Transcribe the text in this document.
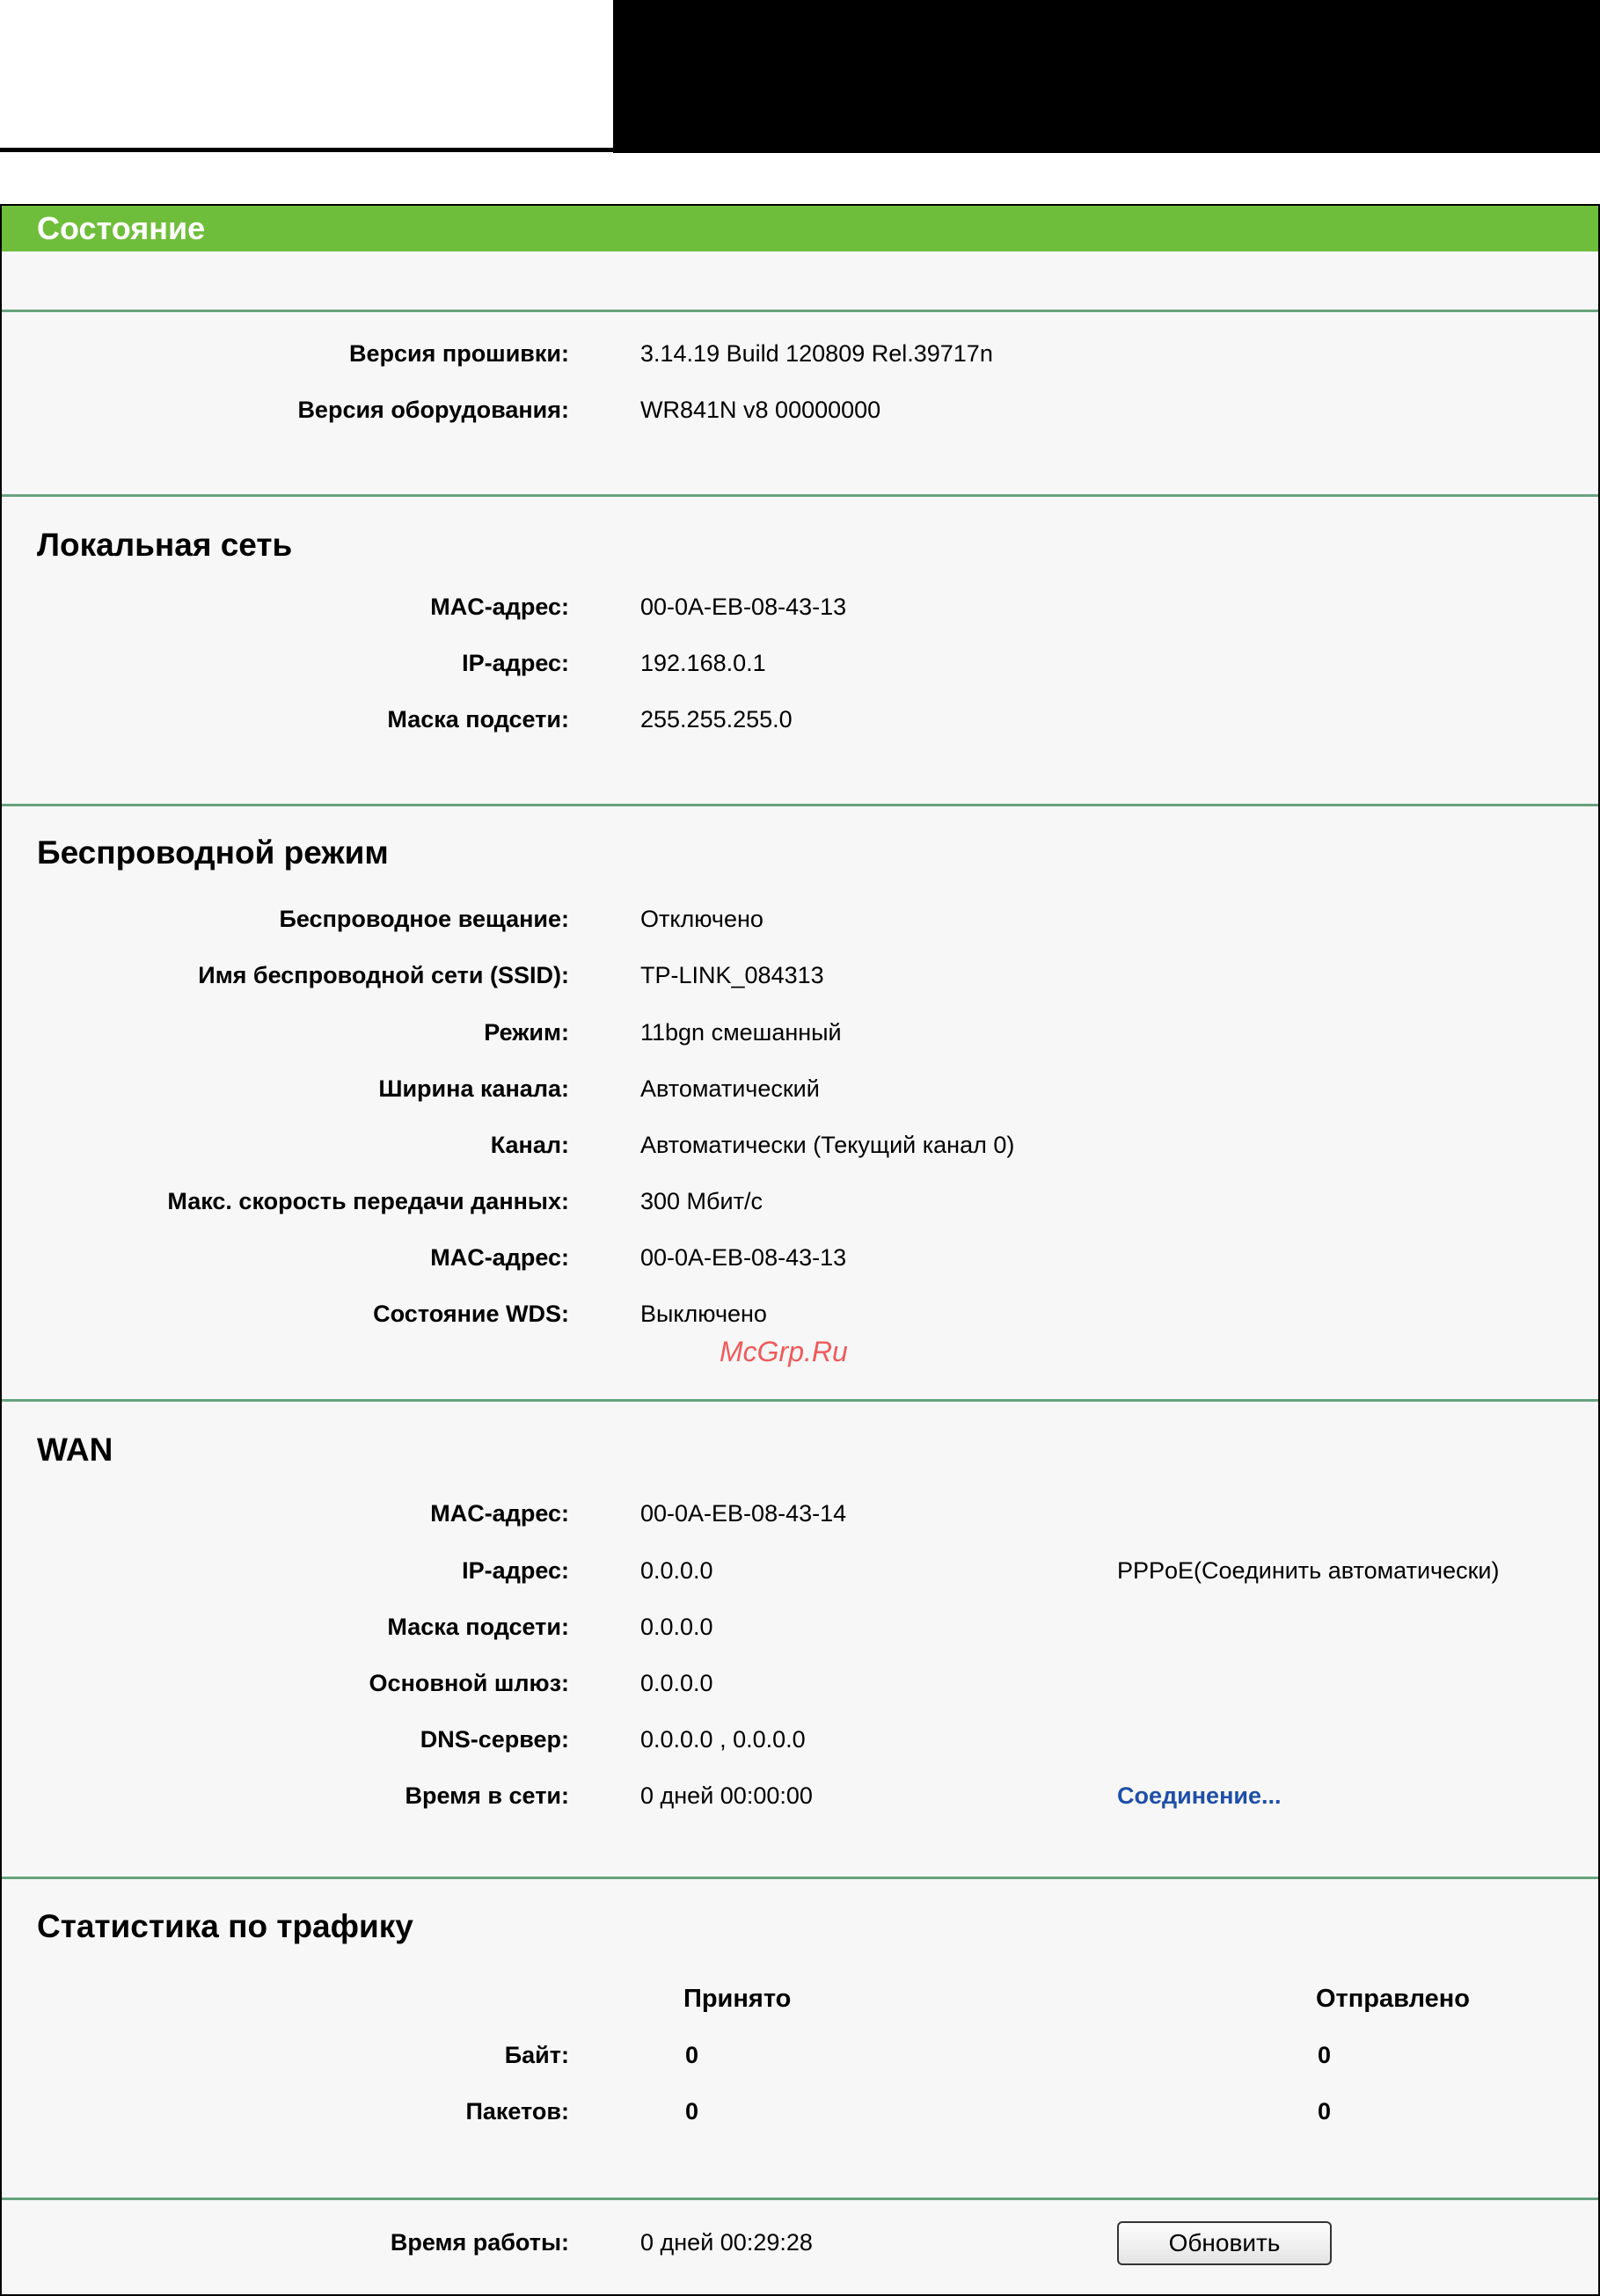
Состояние
Версия прошивки:	3.14.19 Build 120809 Rel.39717n
Версия оборудования:	WR841N v8 00000000
Локальная сеть
MAC-адрес:	00-0A-EB-08-43-13
IP-адрес:	192.168.0.1
Маска подсети:	255.255.255.0
Беспроводной режим
Беспроводное вещание:	Отключено
Имя беспроводной сети (SSID):	TP-LINK_084313
Режим:	11bgn смешанный
Ширина канала:	Автоматический
Канал:	Автоматически (Текущий канал 0)
Макс. скорость передачи данных:	300 Мбит/с
MAC-адрес:	00-0A-EB-08-43-13
Состояние WDS:	Выключено
WAN
MAC-адрес:	00-0A-EB-08-43-14
IP-адрес:	0.0.0.0	PPPoE(Соединить автоматически)
Маска подсети:	0.0.0.0
Основной шлюз:	0.0.0.0
DNS-сервер:	0.0.0.0 , 0.0.0.0
Время в сети:	0 дней 00:00:00	Соединение...
Статистика по трафику
Принято	Отправлено
Байт:	0	0
Пакетов:	0	0
Время работы:	0 дней 00:29:28	Обновить
McGrp.Ru
